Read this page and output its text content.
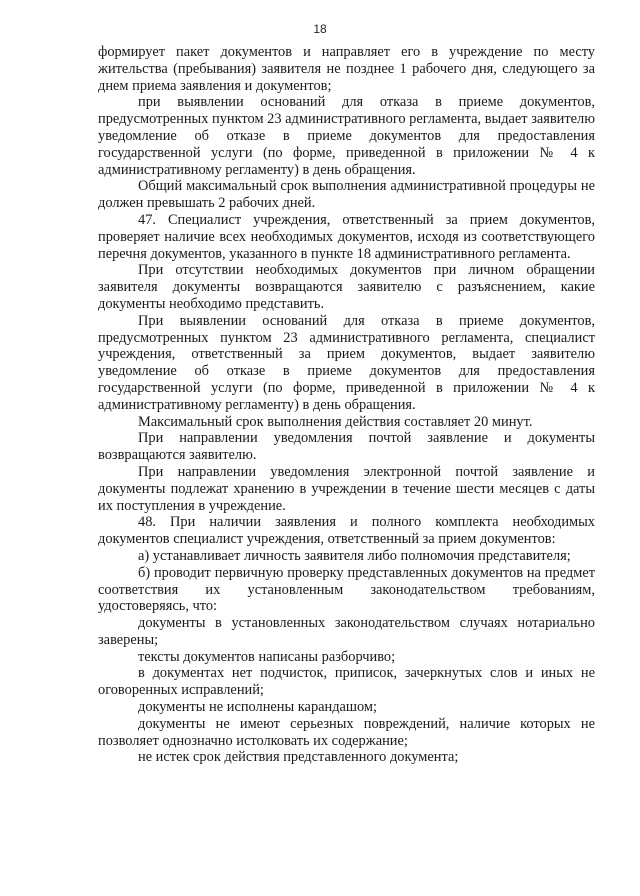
18

формирует пакет документов и направляет его в учреждение по месту жительства (пребывания) заявителя не позднее 1 рабочего дня, следующего за днем приема заявления и документов;

при выявлении оснований для отказа в приеме документов, предусмотренных пунктом 23 административного регламента, выдает заявителю уведомление об отказе в приеме документов для предоставления государственной услуги (по форме, приведенной в приложении № 4 к административному регламенту) в день обращения.

Общий максимальный срок выполнения административной процедуры не должен превышать 2 рабочих дней.

47. Специалист учреждения, ответственный за прием документов, проверяет наличие всех необходимых документов, исходя из соответствующего перечня документов, указанного в пункте 18 административного регламента.

При отсутствии необходимых документов при личном обращении заявителя документы возвращаются заявителю с разъяснением, какие документы необходимо представить.

При выявлении оснований для отказа в приеме документов, предусмотренных пунктом 23 административного регламента, специалист учреждения, ответственный за прием документов, выдает заявителю уведомление об отказе в приеме документов для предоставления государственной услуги (по форме, приведенной в приложении № 4 к административному регламенту) в день обращения.

Максимальный срок выполнения действия составляет 20 минут.

При направлении уведомления почтой заявление и документы возвращаются заявителю.

При направлении уведомления электронной почтой заявление и документы подлежат хранению в учреждении в течение шести месяцев с даты их поступления в учреждение.

48. При наличии заявления и полного комплекта необходимых документов специалист учреждения, ответственный за прием документов:

а) устанавливает личность заявителя либо полномочия представителя;

б) проводит первичную проверку представленных документов на предмет соответствия их установленным законодательством требованиям, удостоверяясь, что:

документы в установленных законодательством случаях нотариально заверены;

тексты документов написаны разборчиво;

в документах нет подчисток, приписок, зачеркнутых слов и иных не оговоренных исправлений;

документы не исполнены карандашом;

документы не имеют серьезных повреждений, наличие которых не позволяет однозначно истолковать их содержание;

не истек срок действия представленного документа;
